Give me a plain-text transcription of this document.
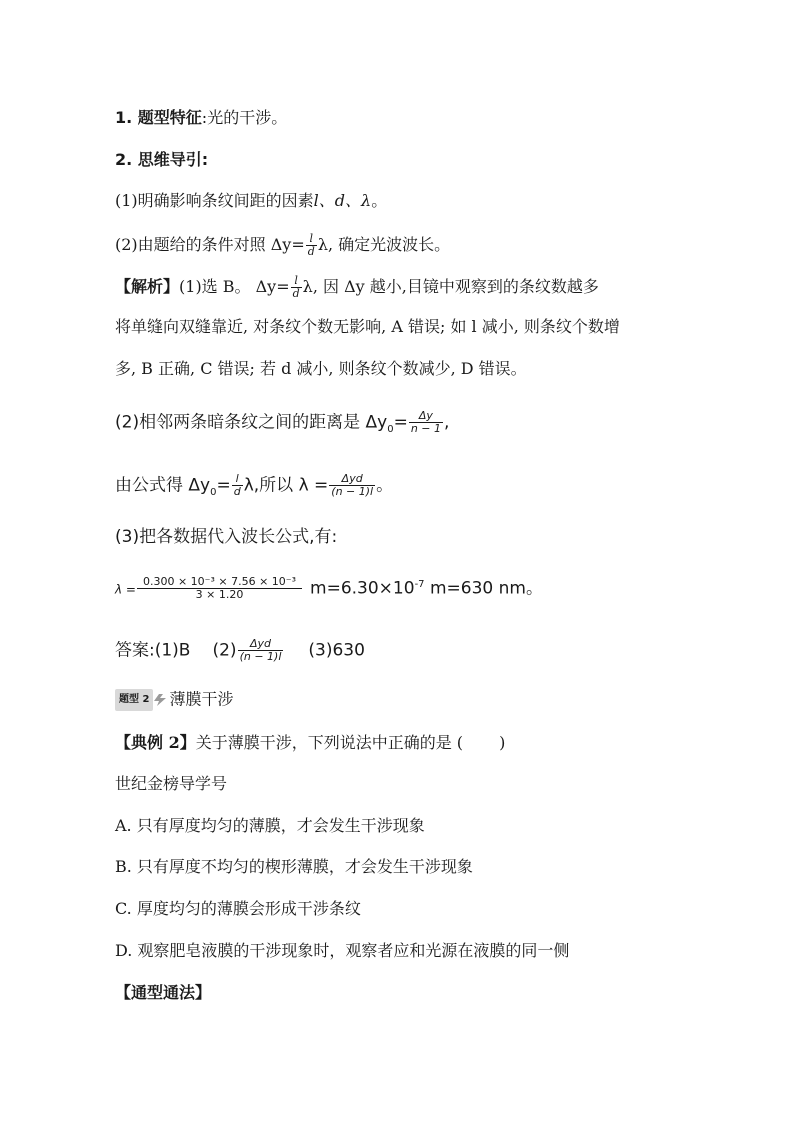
1. 题型特征:光的干涉。
2. 思维导引:
(1)明确影响条纹间距的因素l、d、λ。
(2)由题给的条件对照 $\Delta y= \frac{l}{d} \lambda$, 确定光波波长。
【解析】(1)选 B。 $\Delta y= \frac{l}{d} \lambda$, 因 Δy 越小,目镜中观察到的条纹数越多
将单缝向双缝靠近, 对条纹个数无影响, A 错误; 如 l 减小, 则条纹个数增
多, B 正确, C 错误; 若 d 减小, 则条纹个数减少, D 错误。
(2)相邻两条暗条纹之间的距离是 $\Delta y_0= \frac{\Delta y}{n - 1}$ ,
由公式得 $\Delta y_0= \frac{l}{d} \lambda$,所以 $\lambda = \frac{\text{Δyd}}{(n - 1)l}$ 。
(3)把各数据代入波长公式,有:
$\lambda = \frac{\text{0.300 × 10⁻³ × 7.56 × 10⁻³}}{3 \times 1.20} m=6.30\times 10^{-7}$ m=630 nm。
答案:(1)B $(2) \frac{\text{Δyd}}{(n - 1)l} (3)630$
题型 2 薄膜干涉
【典例 2】关于薄膜干涉，下列说法中正确的是 ( )
世纪金榜导学号
A. 只有厚度均匀的薄膜，才会发生干涉现象
B. 只有厚度不均匀的楔形薄膜，才会发生干涉现象
C. 厚度均匀的薄膜会形成干涉条纹
D. 观察肥皂液膜的干涉现象时，观察者应和光源在液膜的同一侧
【通型通法】
